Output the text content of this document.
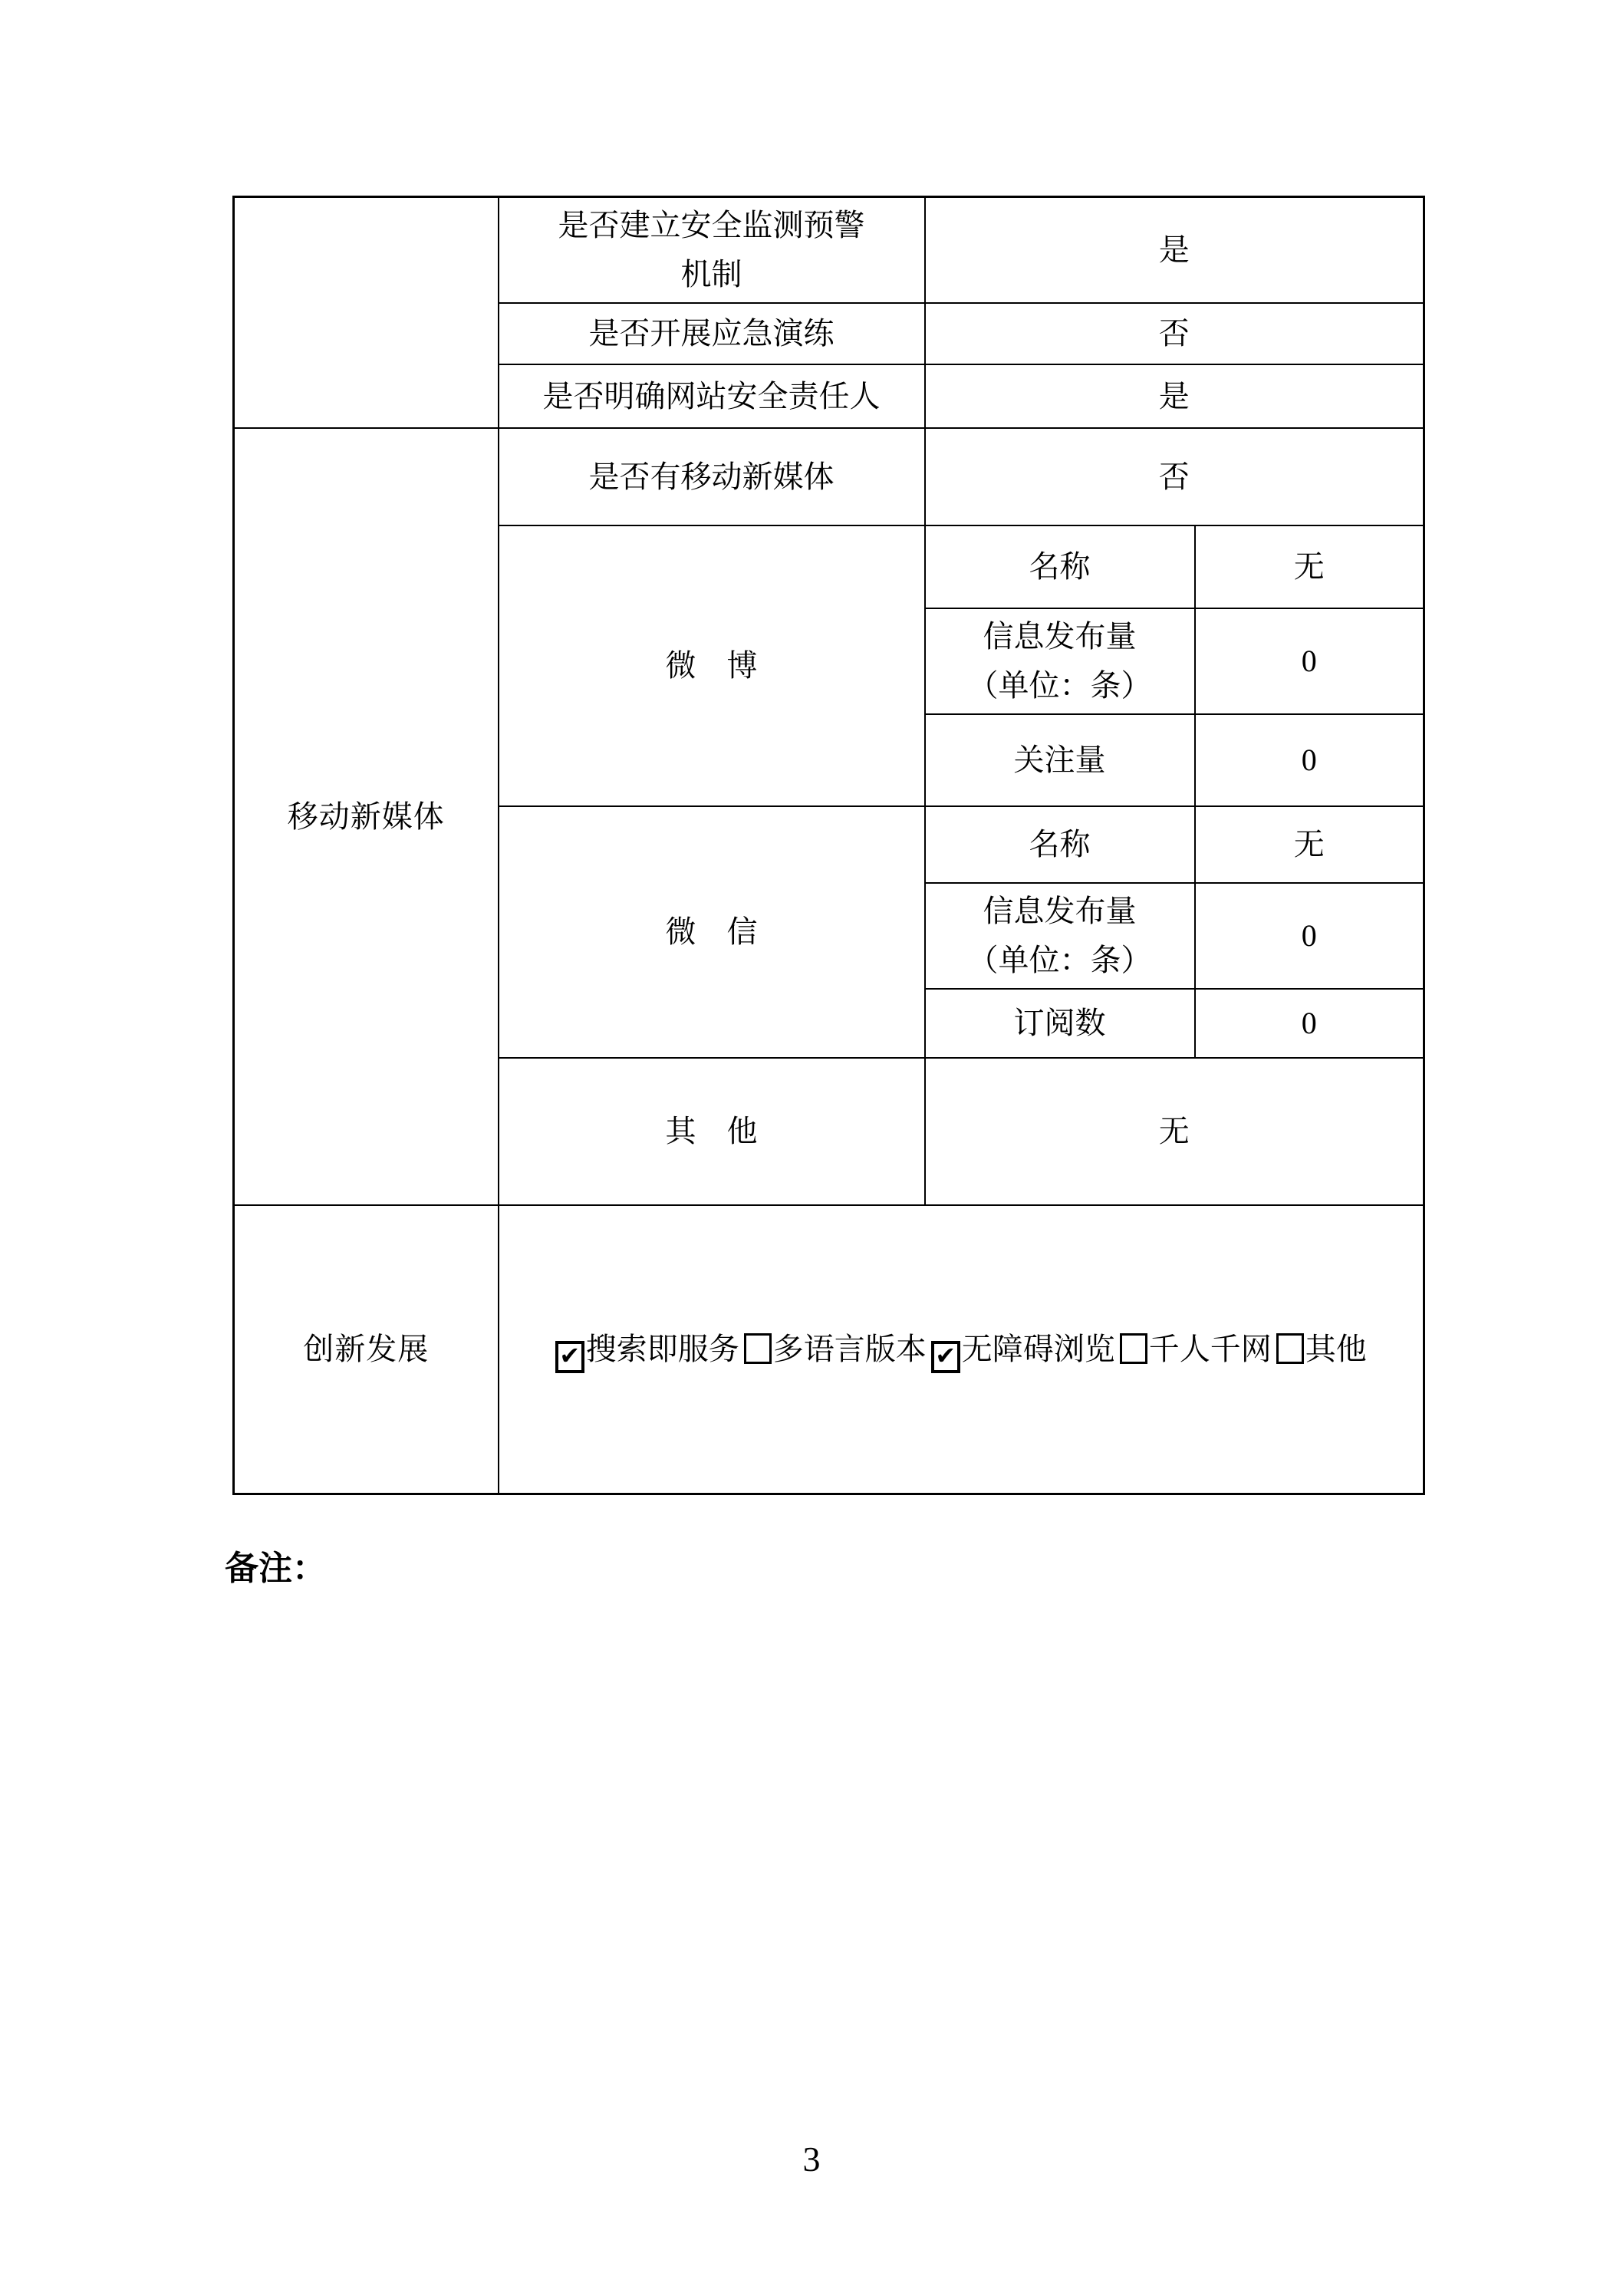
	是否建立安全监测预警
机制	是	
	是否开展应急演练	否	
	是否明确网站安全责任人	是	
移动新媒体	是否有移动新媒体	否	
	微　博	名称	无

		信息发布量
（单位：条）	0
		关注量	0
	微　信	名称	无

		信息发布量
（单位：条）	0
		订阅数	0
	其　他	无	
创新发展	✔ 搜索即服务 多语言版本 ✔ 无障碍浏览 千人千网 其他		
备注：
3
